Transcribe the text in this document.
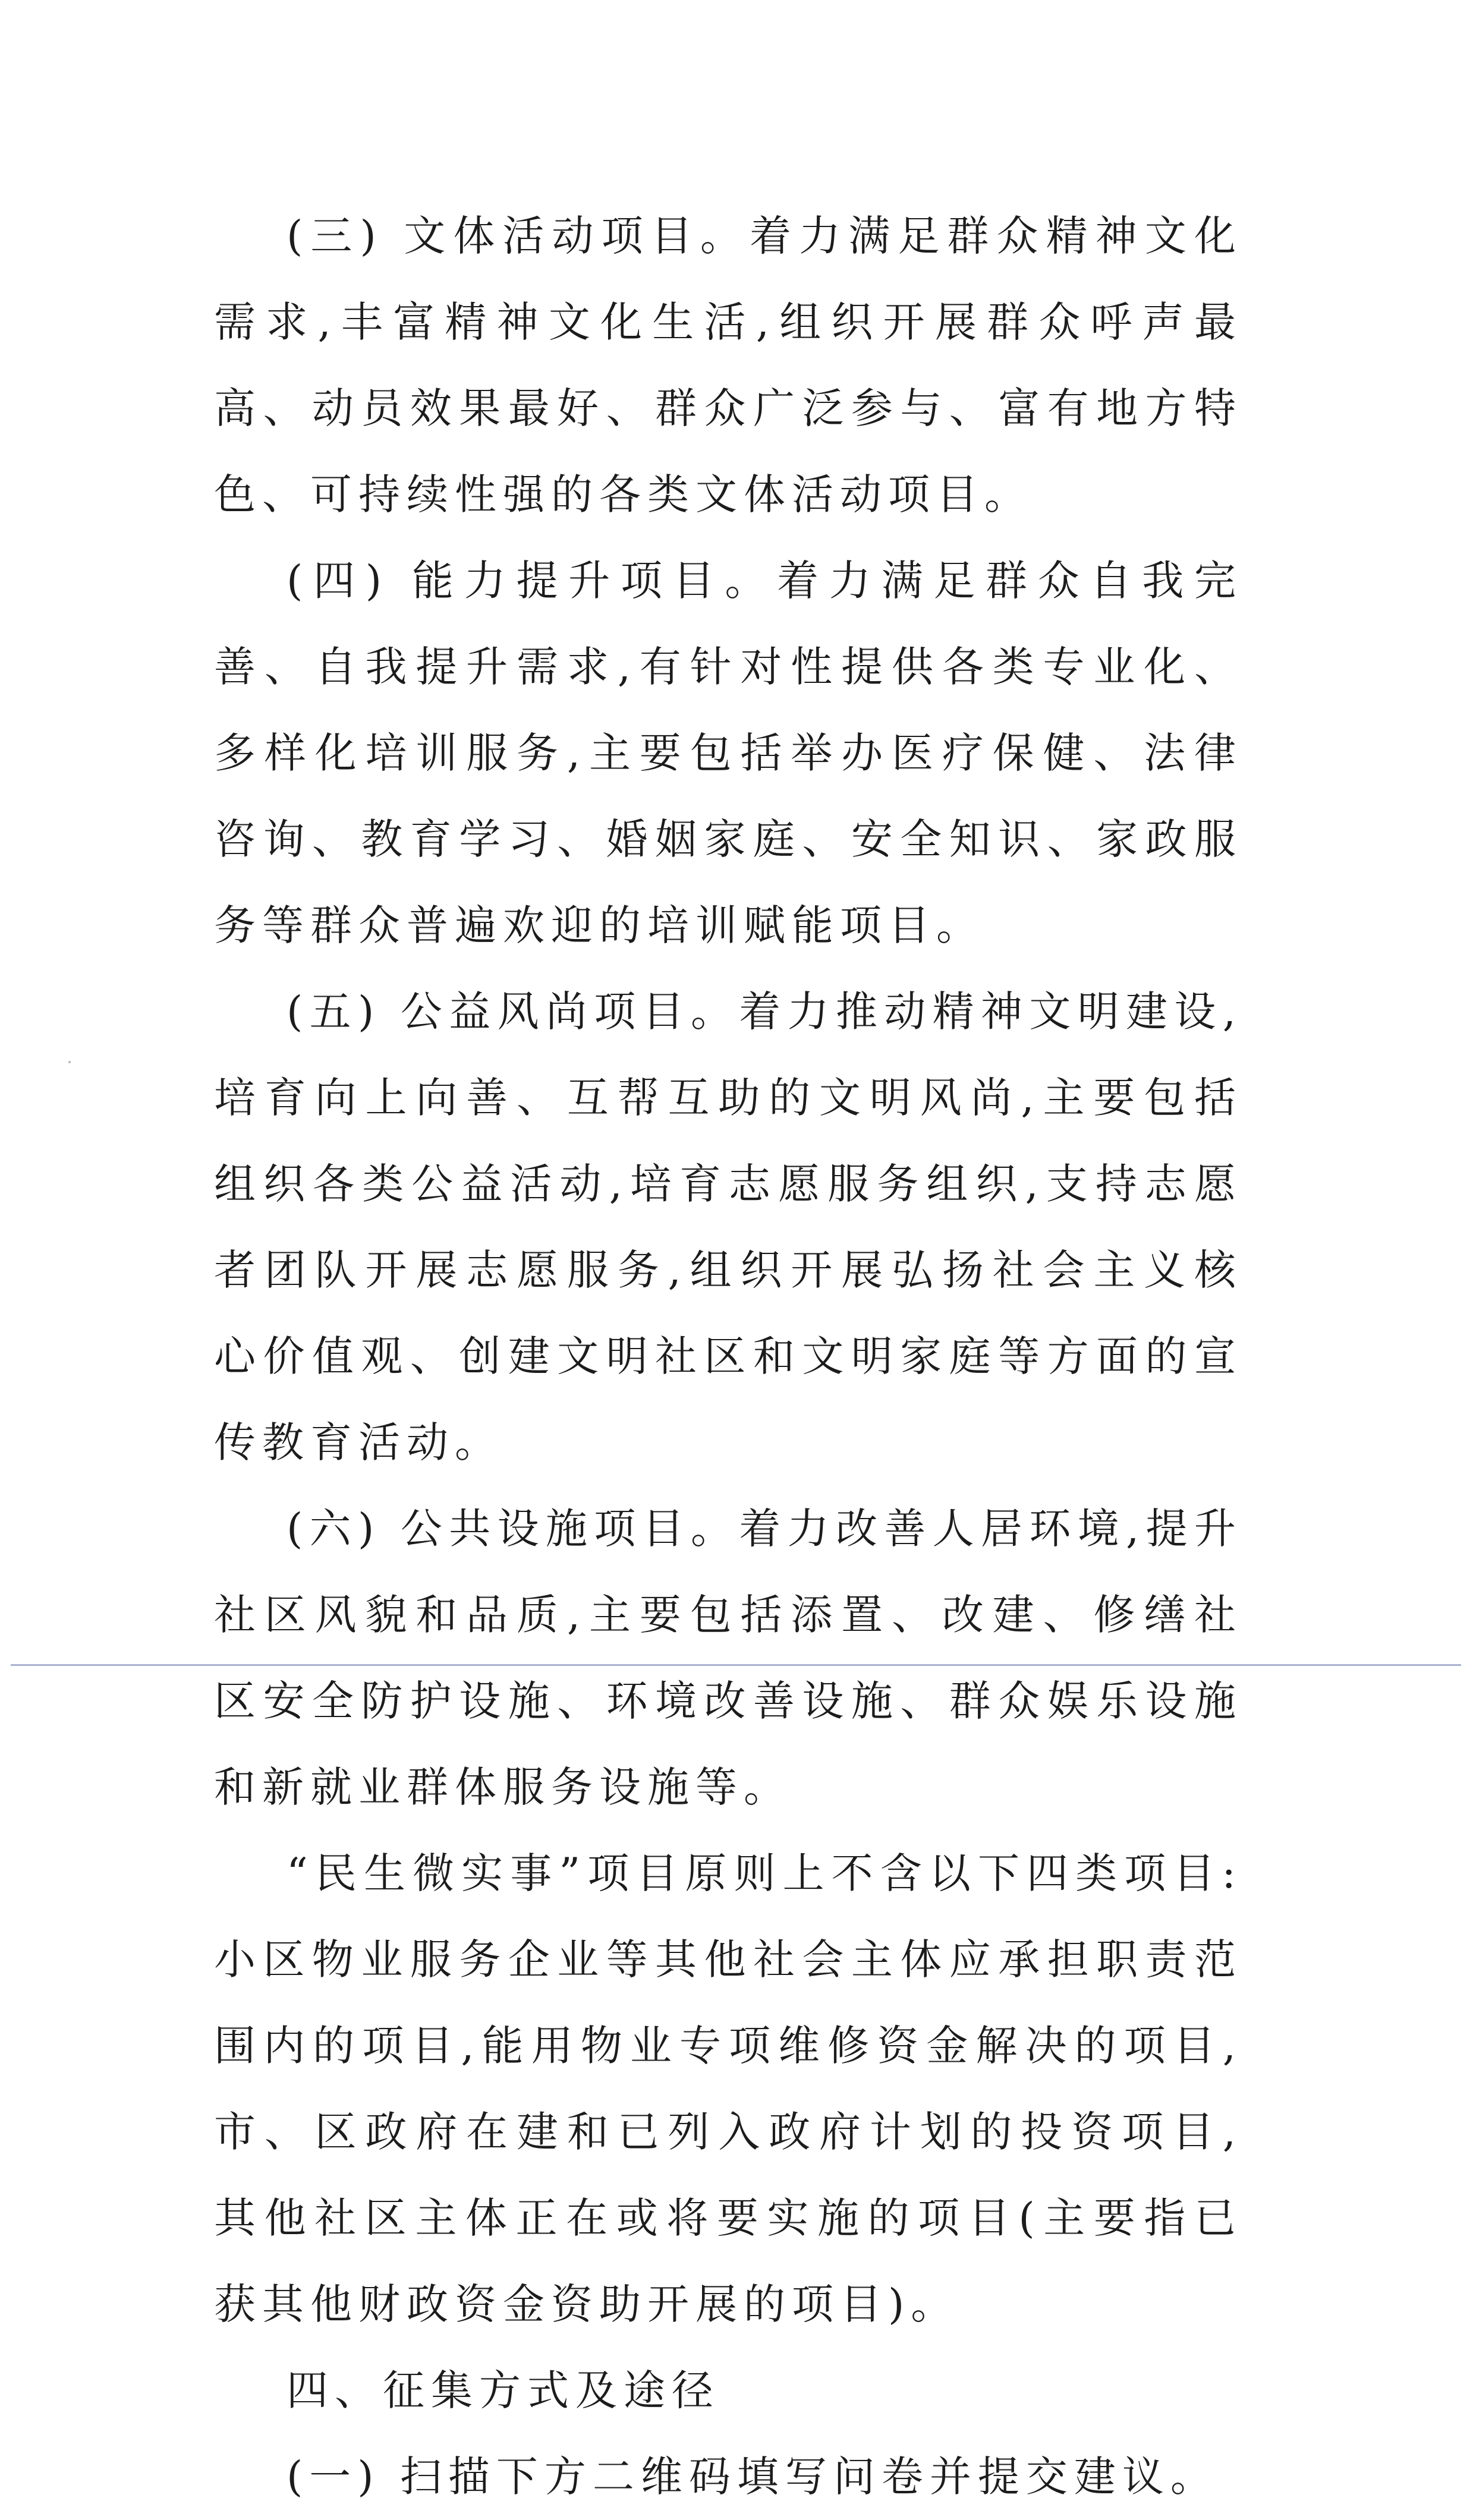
(三) 文体活动项目。着力满足群众精神文化需求,丰富精神文化生活,组织开展群众呼声最高、动员效果最好、群众广泛参与、富有地方特色、可持续性强的各类文体活动项目。

(四) 能力提升项目。着力满足群众自我完善、自我提升需求,有针对性提供各类专业化、多样化培训服务,主要包括举办医疗保健、法律咨询、教育学习、婚姻家庭、安全知识、家政服务等群众普遍欢迎的培训赋能项目。

(五) 公益风尚项目。着力推动精神文明建设,培育向上向善、互帮互助的文明风尚,主要包括组织各类公益活动,培育志愿服务组织,支持志愿者团队开展志愿服务,组织开展弘扬社会主义核心价值观、创建文明社区和文明家庭等方面的宣传教育活动。

(六) 公共设施项目。着力改善人居环境,提升社区风貌和品质,主要包括添置、改建、修缮社区安全防护设施、环境改善设施、群众娱乐设施和新就业群体服务设施等。

“民生微实事”项目原则上不含以下四类项目:小区物业服务企业等其他社会主体应承担职责范围内的项目,能用物业专项维修资金解决的项目,市、区政府在建和已列入政府计划的投资项目,其他社区主体正在或将要实施的项目(主要指已获其他财政资金资助开展的项目)。

四、征集方式及途径

(一) 扫描下方二维码填写问卷并提交建议。
